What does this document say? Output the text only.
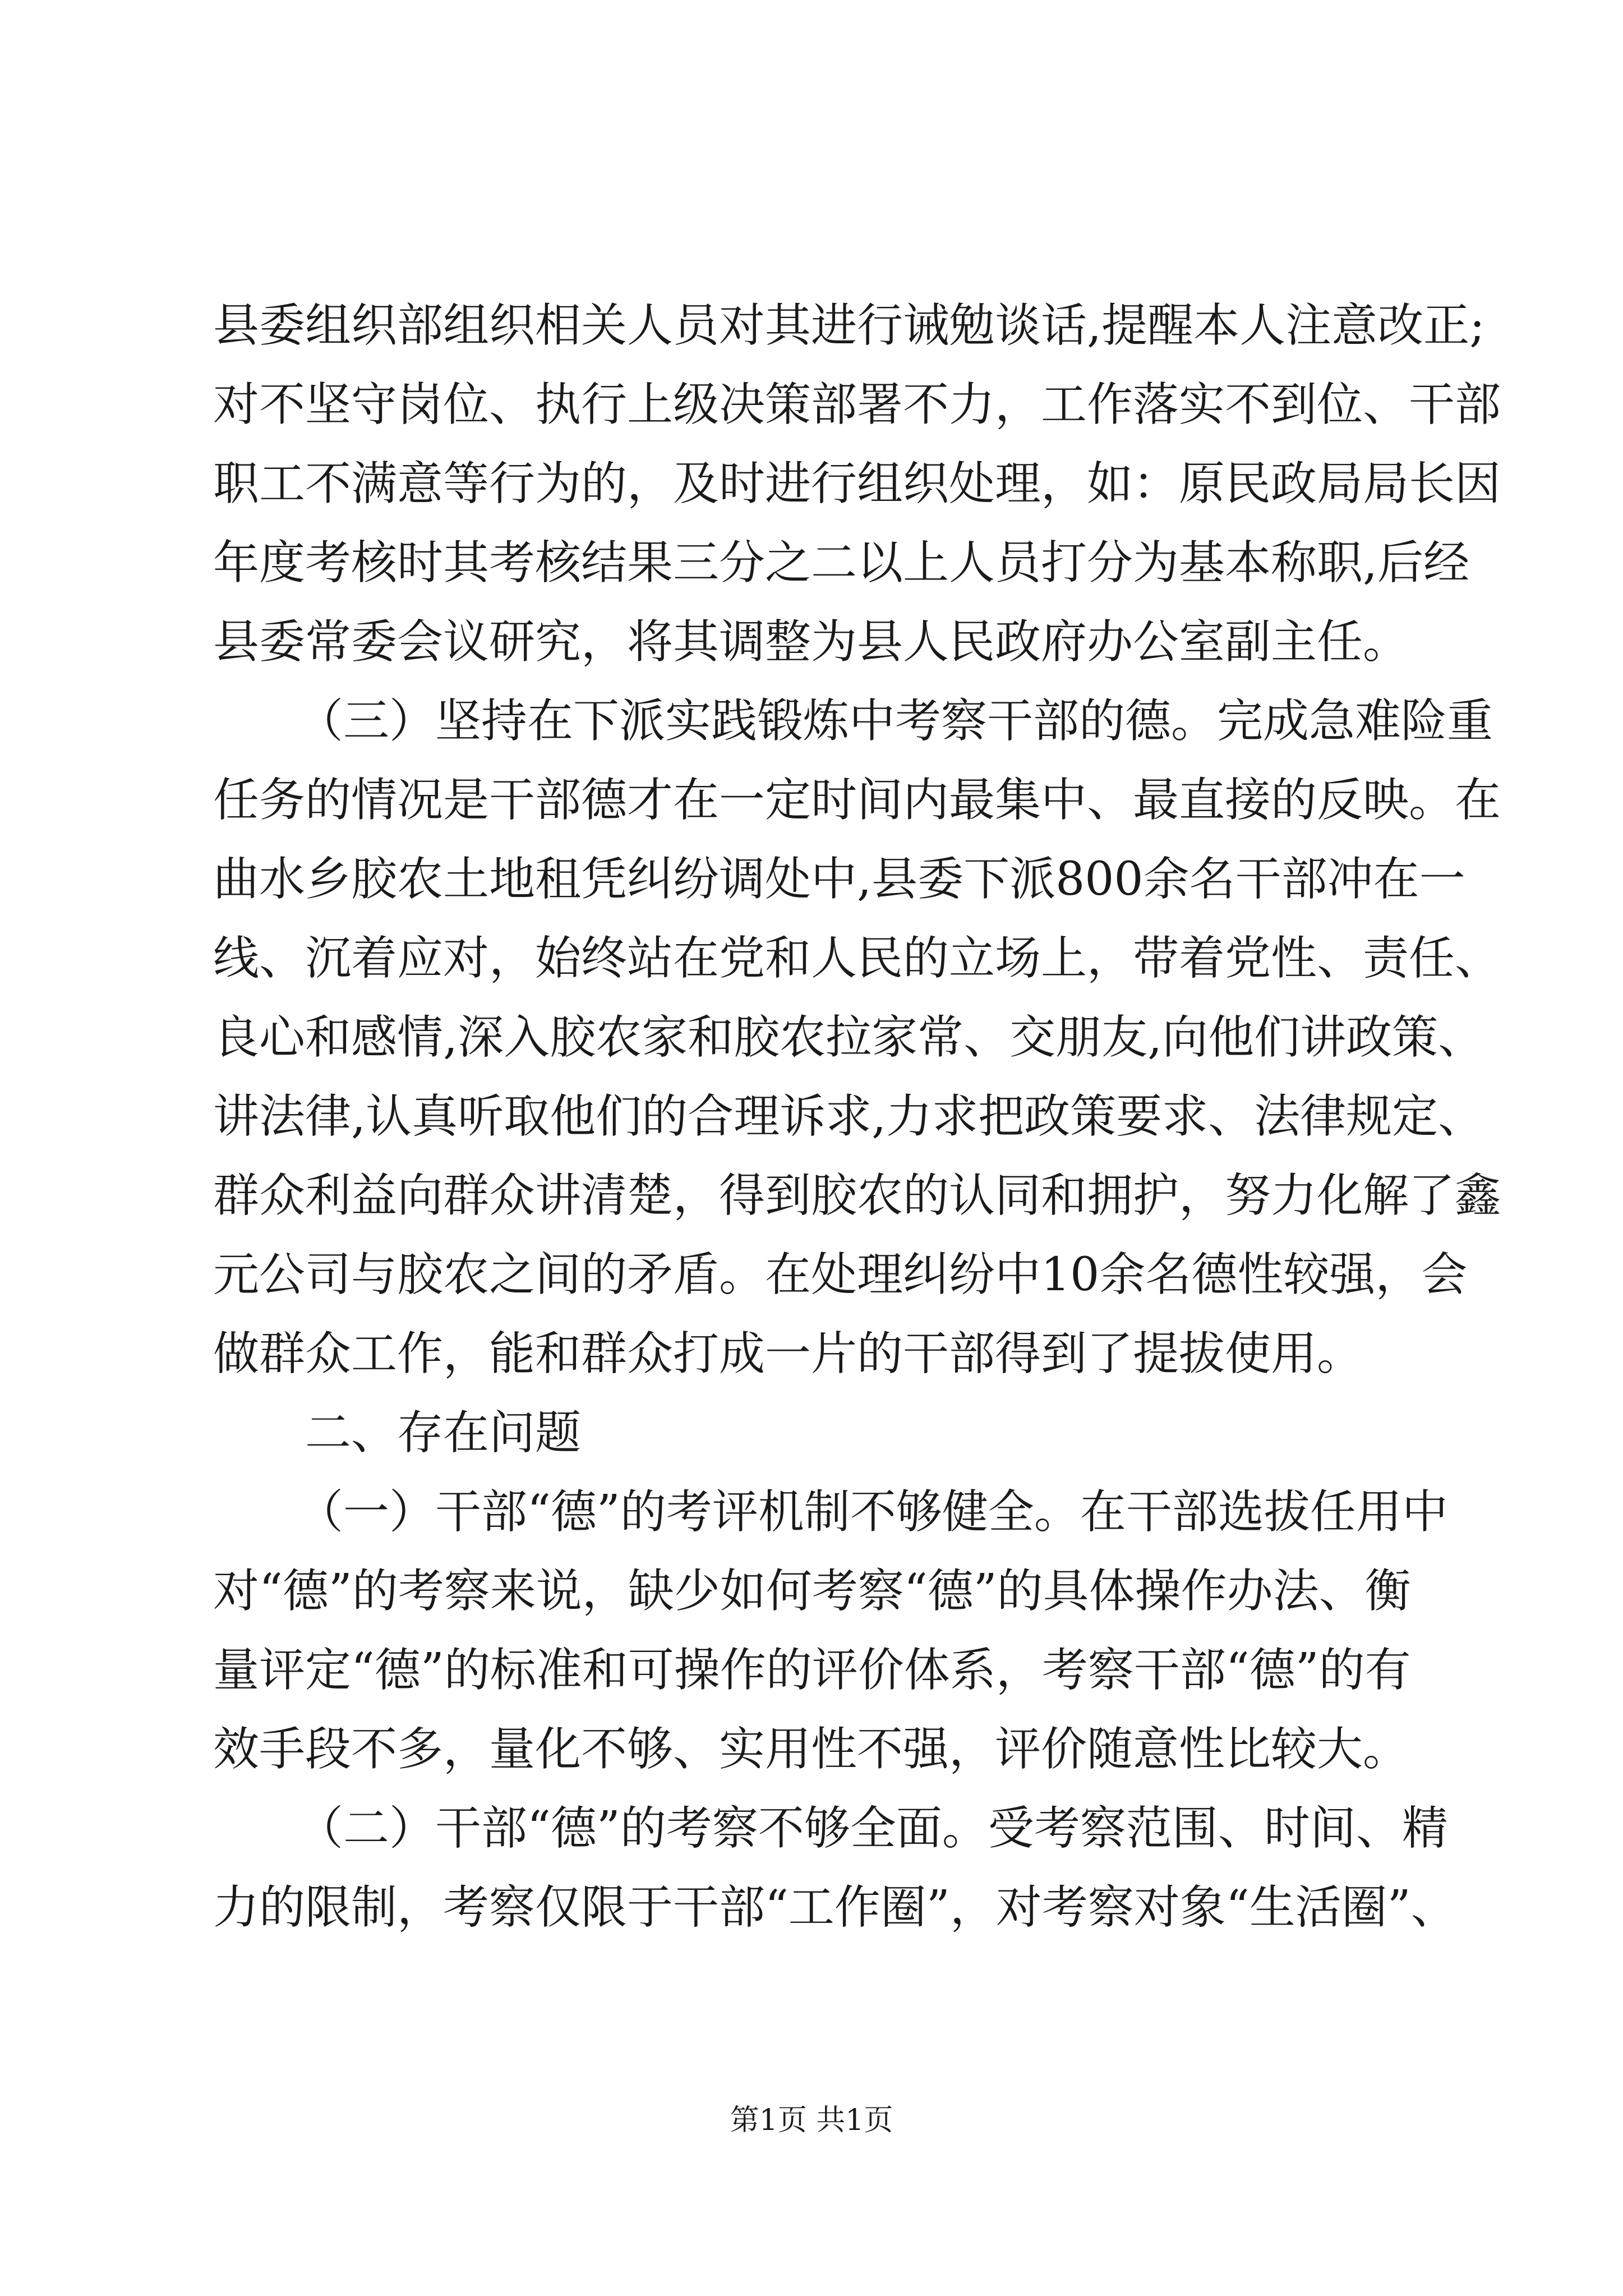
县委组织部组织相关人员对其进行诫勉谈话,提醒本人注意改正;
对不坚守岗位、执行上级决策部署不力，工作落实不到位、干部
职工不满意等行为的，及时进行组织处理，如：原民政局局长因
年度考核时其考核结果三分之二以上人员打分为基本称职,后经
县委常委会议研究，将其调整为县人民政府办公室副主任。
（三）坚持在下派实践锻炼中考察干部的德。完成急难险重
任务的情况是干部德才在一定时间内最集中、最直接的反映。在
曲水乡胶农土地租凭纠纷调处中,县委下派800余名干部冲在一
线、沉着应对，始终站在党和人民的立场上，带着党性、责任、
良心和感情,深入胶农家和胶农拉家常、交朋友,向他们讲政策、
讲法律,认真听取他们的合理诉求,力求把政策要求、法律规定、
群众利益向群众讲清楚，得到胶农的认同和拥护，努力化解了鑫
元公司与胶农之间的矛盾。在处理纠纷中10余名德性较强，会
做群众工作，能和群众打成一片的干部得到了提拔使用。
二、存在问题
（一）干部“德”的考评机制不够健全。在干部选拔任用中
对“德”的考察来说，缺少如何考察“德”的具体操作办法、衡
量评定“德”的标准和可操作的评价体系，考察干部“德”的有
效手段不多，量化不够、实用性不强，评价随意性比较大。
（二）干部“德”的考察不够全面。受考察范围、时间、精
力的限制，考察仅限于干部“工作圈”，对考察对象“生活圈”、
第1页 共1页
